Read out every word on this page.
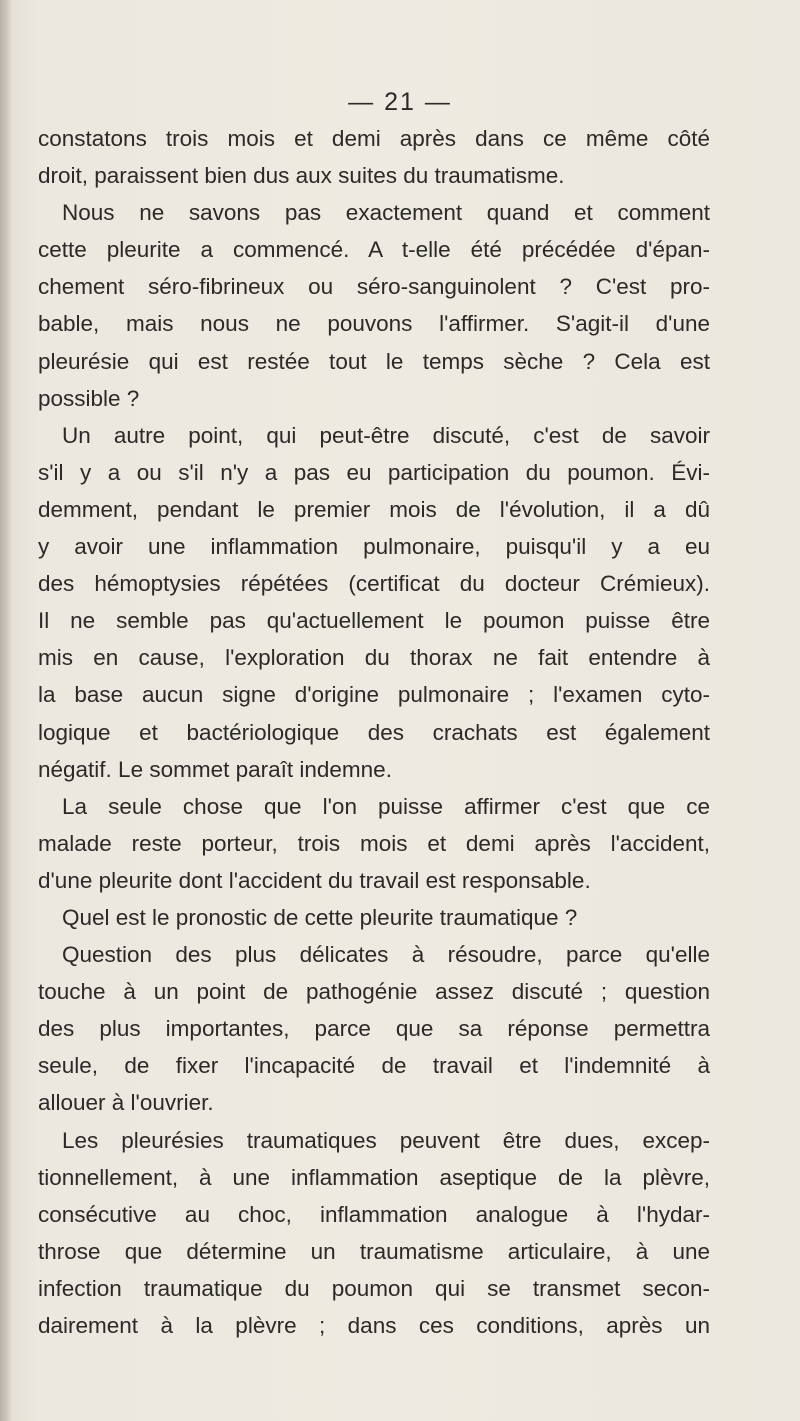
— 21 —
constatons trois mois et demi après dans ce même côté
droit, paraissent bien dus aux suites du traumatisme.
Nous ne savons pas exactement quand et comment
cette pleurite a commencé. A t-elle été précédée d'épan-
chement séro-fibrineux ou séro-sanguinolent ? C'est pro-
bable, mais nous ne pouvons l'affirmer. S'agit-il d'une
pleurésie qui est restée tout le temps sèche ? Cela est
possible ?
Un autre point, qui peut-être discuté, c'est de savoir
s'il y a ou s'il n'y a pas eu participation du poumon. Évi-
demment, pendant le premier mois de l'évolution, il a dû
y avoir une inflammation pulmonaire, puisqu'il y a eu
des hémoptysies répétées (certificat du docteur Crémieux).
Il ne semble pas qu'actuellement le poumon puisse être
mis en cause, l'exploration du thorax ne fait entendre à
la base aucun signe d'origine pulmonaire ; l'examen cyto-
logique et bactériologique des crachats est également
négatif. Le sommet paraît indemne.
La seule chose que l'on puisse affirmer c'est que ce
malade reste porteur, trois mois et demi après l'accident,
d'une pleurite dont l'accident du travail est responsable.
Quel est le pronostic de cette pleurite traumatique ?
Question des plus délicates à résoudre, parce qu'elle
touche à un point de pathogénie assez discuté ; question
des plus importantes, parce que sa réponse permettra
seule, de fixer l'incapacité de travail et l'indemnité à
allouer à l'ouvrier.
Les pleurésies traumatiques peuvent être dues, excep-
tionnellement, à une inflammation aseptique de la plèvre,
consécutive au choc, inflammation analogue à l'hydar-
throse que détermine un traumatisme articulaire, à une
infection traumatique du poumon qui se transmet secon-
dairement à la plèvre ; dans ces conditions, après un
